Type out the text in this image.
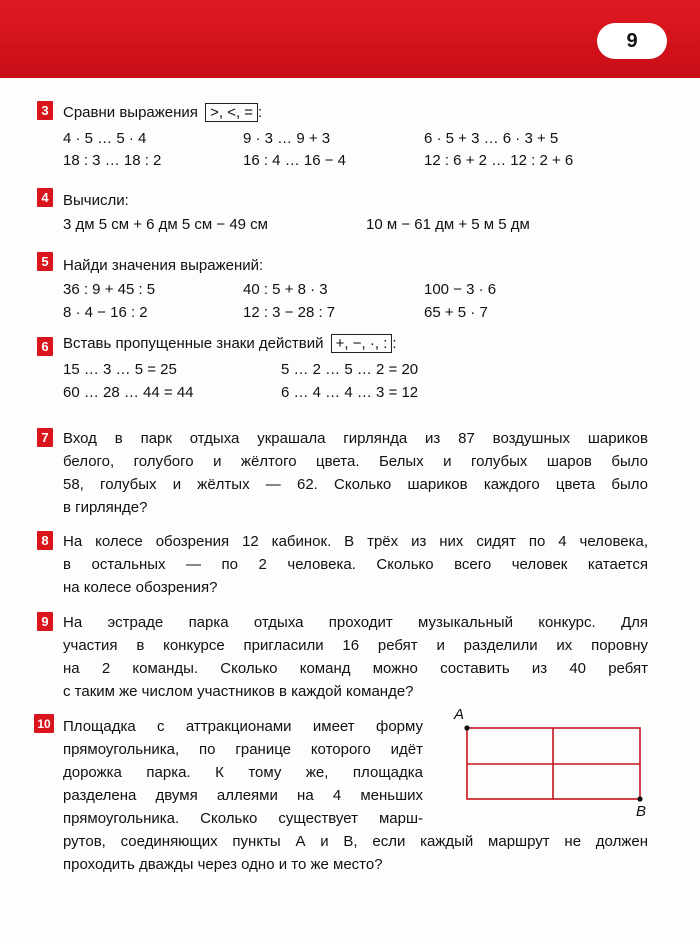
9
3 Сравни выражения >, <, = :
4 · 5 … 5 · 4	9 · 3 … 9 + 3	6 · 5 + 3 … 6 · 3 + 5
18 : 3 … 18 : 2	16 : 4 … 16 − 4	12 : 6 + 2 … 12 : 2 + 6
4 Вычисли:
3 дм 5 см + 6 дм 5 см − 49 см	10 м − 61 дм + 5 м 5 дм
5 Найди значения выражений:
36 : 9 + 45 : 5	40 : 5 + 8 · 3	100 − 3 · 6
8 · 4 − 16 : 2	12 : 3 − 28 : 7	65 + 5 · 7
6 Вставь пропущенные знаки действий +, −, ·, : :
15 … 3 … 5 = 25	5 … 2 … 5 … 2 = 20
60 … 28 … 44 = 44	6 … 4 … 4 … 3 = 12
7 Вход в парк отдыха украшала гирлянда из 87 воздушных шариков
белого, голубого и жёлтого цвета. Белых и голубых шаров было
58, голубых и жёлтых — 62. Сколько шариков каждого цвета было
в гирлянде?
8 На колесе обозрения 12 кабинок. В трёх из них сидят по 4 человека,
в остальных — по 2 человека. Сколько всего человек катается
на колесе обозрения?
9 На эстраде парка отдыха проходит музыкальный конкурс. Для
участия в конкурсе пригласили 16 ребят и разделили их поровну
на 2 команды. Сколько команд можно составить из 40 ребят
с таким же числом участников в каждой команде?
10 Площадка с аттракционами имеет форму
прямоугольника, по границе которого идёт
дорожка парка. К тому же, площадка
разделена двумя аллеями на 4 меньших
прямоугольника. Сколько существует марш-
рутов, соединяющих пункты А и В, если каждый маршрут не должен
проходить дважды через одно и то же место?
А
В
